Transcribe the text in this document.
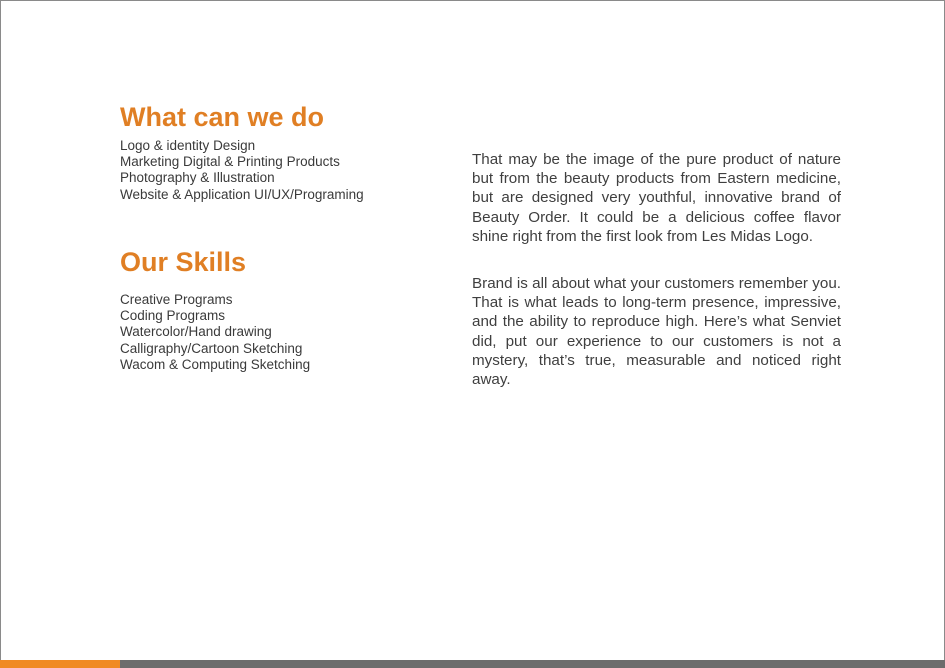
What can we do
Logo & identity Design
Marketing Digital & Printing Products
Photography & Illustration
Website & Application UI/UX/Programing
Our Skills
Creative Programs
Coding Programs
Watercolor/Hand drawing
Calligraphy/Cartoon Sketching
Wacom & Computing Sketching

That may be the image of the pure product of nature but from the beauty products from Eastern medicine, but are designed very youthful, innovative brand of Beauty Order. It could be a delicious coffee flavor shine right from the first look from Les Midas Logo.

Brand is all about what your customers remember you. That is what leads to long-term presence, impressive, and the ability to reproduce high. Here’s what Senviet did, put our experience to our customers is not a mystery, that’s true, measurable and noticed right away.
